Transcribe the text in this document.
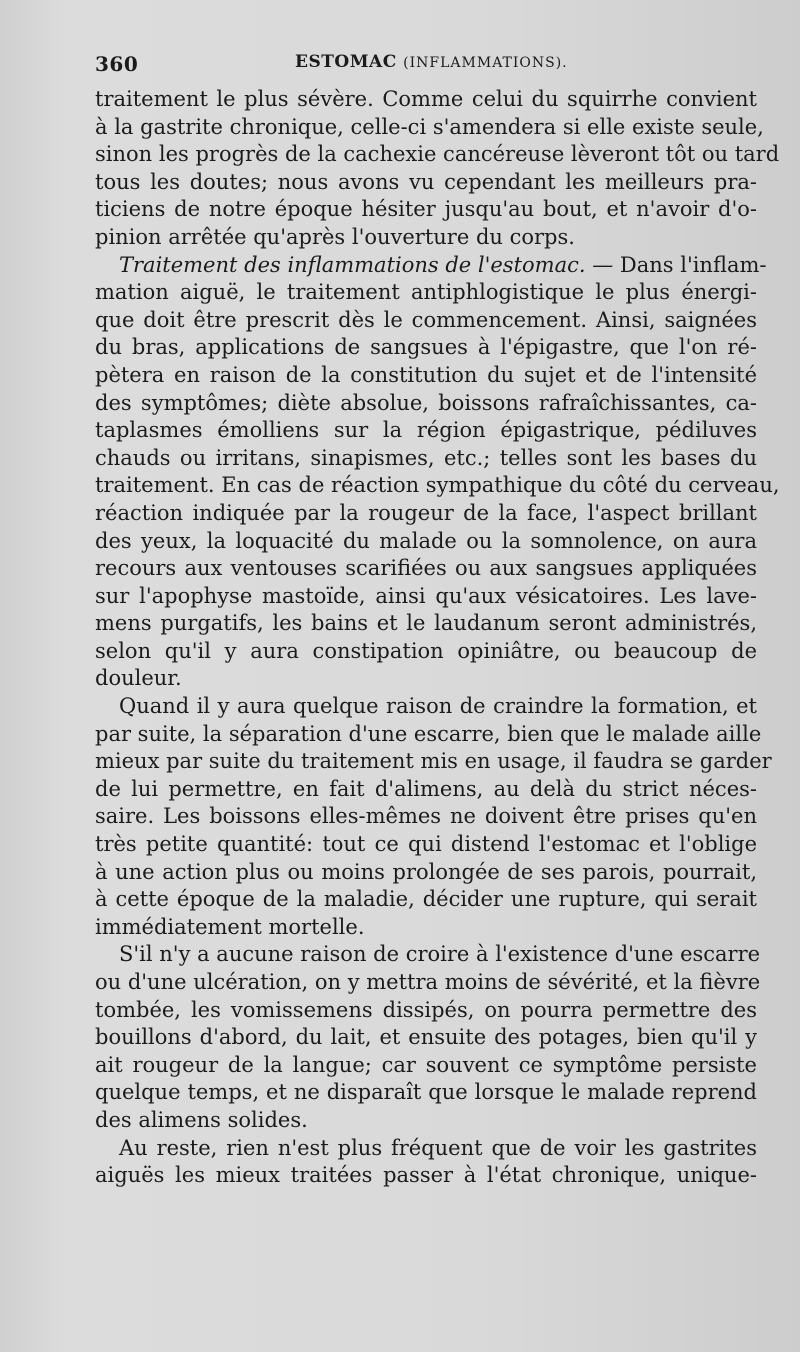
360	ESTOMAC (INFLAMMATIONS).
traitement le plus sévère. Comme celui du squirrhe convient
à la gastrite chronique, celle-ci s'amendera si elle existe seule,
sinon les progrès de la cachexie cancéreuse lèveront tôt ou tard
tous les doutes; nous avons vu cependant les meilleurs pra-
ticiens de notre époque hésiter jusqu'au bout, et n'avoir d'o-
pinion arrêtée qu'après l'ouverture du corps.
Traitement des inflammations de l'estomac. — Dans l'inflam-
mation aiguë, le traitement antiphlogistique le plus énergi-
que doit être prescrit dès le commencement. Ainsi, saignées
du bras, applications de sangsues à l'épigastre, que l'on ré-
pètera en raison de la constitution du sujet et de l'intensité
des symptômes; diète absolue, boissons rafraîchissantes, ca-
taplasmes émolliens sur la région épigastrique, pédiluves
chauds ou irritans, sinapismes, etc.; telles sont les bases du
traitement. En cas de réaction sympathique du côté du cerveau,
réaction indiquée par la rougeur de la face, l'aspect brillant
des yeux, la loquacité du malade ou la somnolence, on aura
recours aux ventouses scarifiées ou aux sangsues appliquées
sur l'apophyse mastoïde, ainsi qu'aux vésicatoires. Les lave-
mens purgatifs, les bains et le laudanum seront administrés,
selon qu'il y aura constipation opiniâtre, ou beaucoup de
douleur.
Quand il y aura quelque raison de craindre la formation, et
par suite, la séparation d'une escarre, bien que le malade aille
mieux par suite du traitement mis en usage, il faudra se garder
de lui permettre, en fait d'alimens, au delà du strict néces-
saire. Les boissons elles-mêmes ne doivent être prises qu'en
très petite quantité: tout ce qui distend l'estomac et l'oblige
à une action plus ou moins prolongée de ses parois, pourrait,
à cette époque de la maladie, décider une rupture, qui serait
immédiatement mortelle.
S'il n'y a aucune raison de croire à l'existence d'une escarre
ou d'une ulcération, on y mettra moins de sévérité, et la fièvre
tombée, les vomissemens dissipés, on pourra permettre des
bouillons d'abord, du lait, et ensuite des potages, bien qu'il y
ait rougeur de la langue; car souvent ce symptôme persiste
quelque temps, et ne disparaît que lorsque le malade reprend
des alimens solides.
Au reste, rien n'est plus fréquent que de voir les gastrites
aiguës les mieux traitées passer à l'état chronique, unique-
